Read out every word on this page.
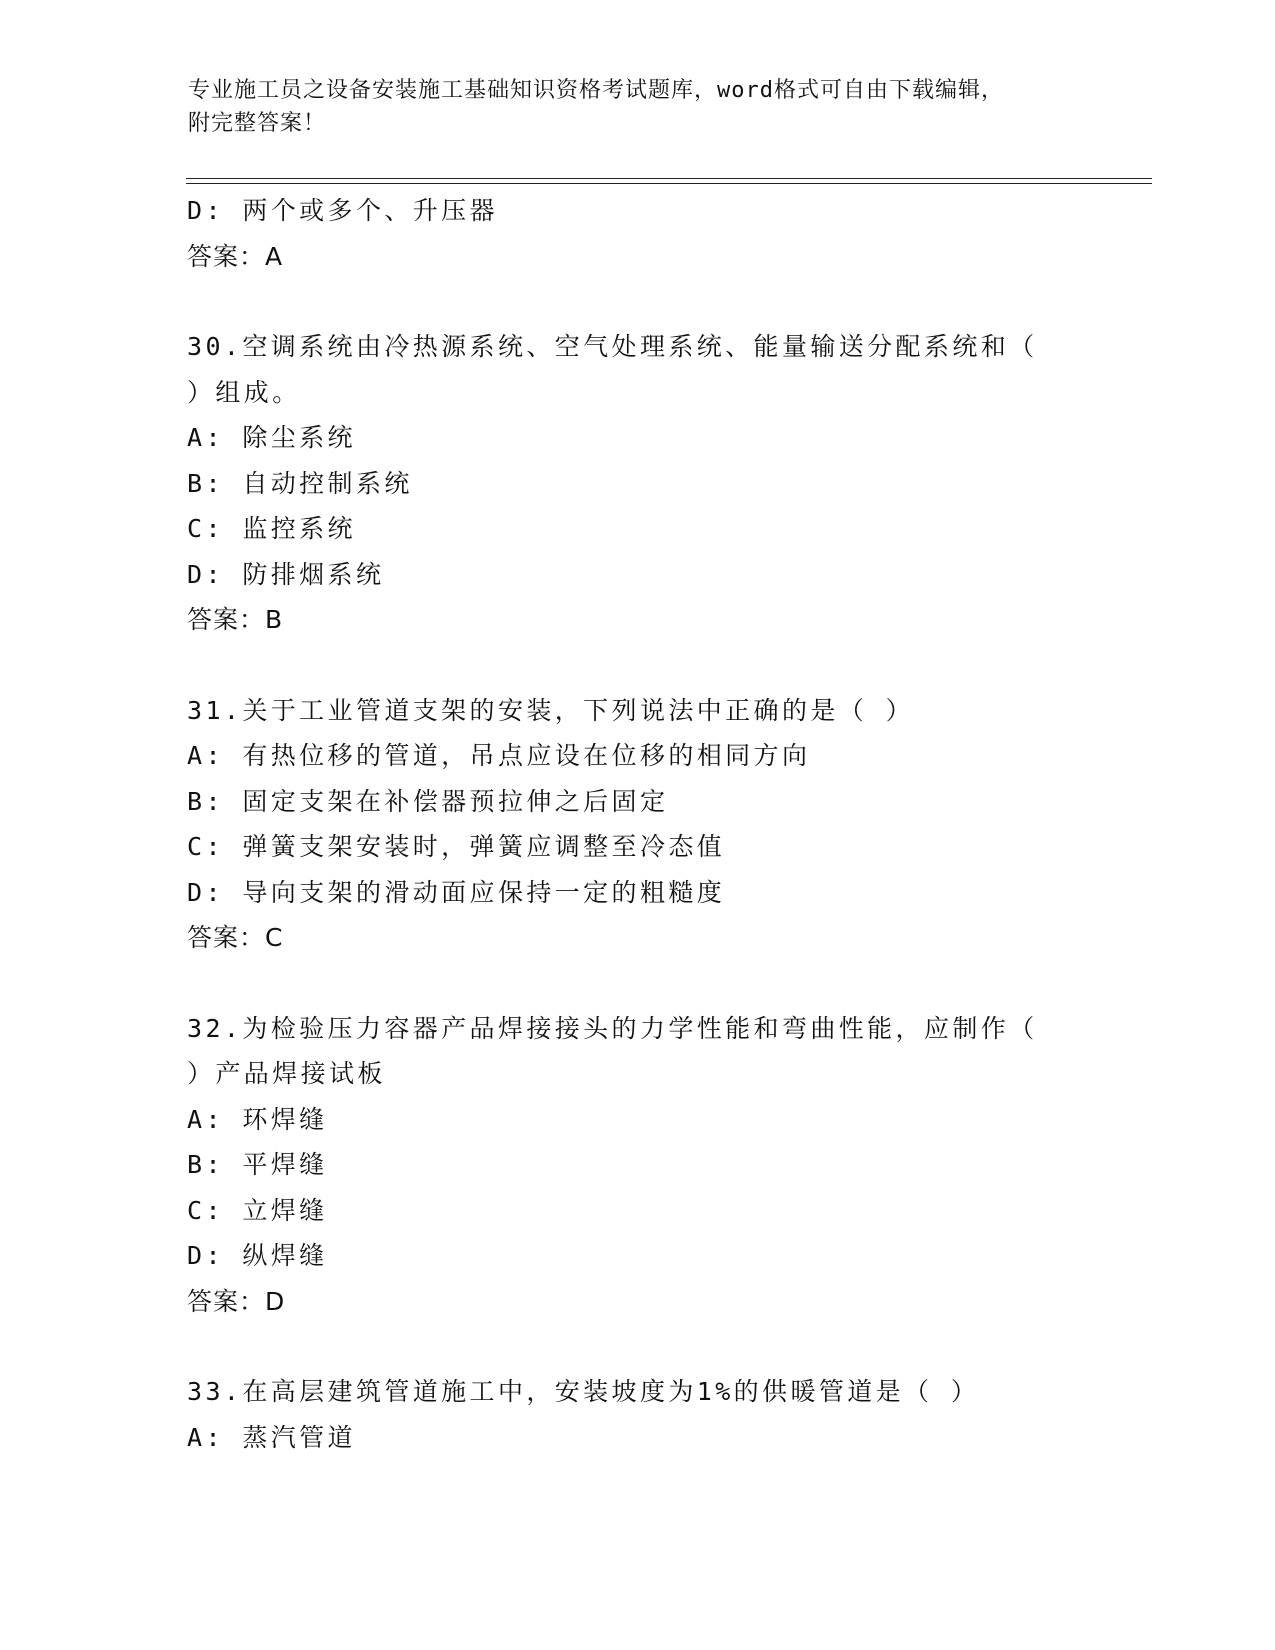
专业施工员之设备安装施工基础知识资格考试题库，word格式可自由下载编辑，
附完整答案！
D: 两个或多个、升压器
答案：A
30.空调系统由冷热源系统、空气处理系统、能量输送分配系统和（
）组成。
A: 除尘系统
B: 自动控制系统
C: 监控系统
D: 防排烟系统
答案：B
31.关于工业管道支架的安装，下列说法中正确的是（ ）
A: 有热位移的管道，吊点应设在位移的相同方向
B: 固定支架在补偿器预拉伸之后固定
C: 弹簧支架安装时，弹簧应调整至冷态值
D: 导向支架的滑动面应保持一定的粗糙度
答案：C
32.为检验压力容器产品焊接接头的力学性能和弯曲性能，应制作（
）产品焊接试板
A: 环焊缝
B: 平焊缝
C: 立焊缝
D: 纵焊缝
答案：D
33.在高层建筑管道施工中，安装坡度为1%的供暖管道是（ ）
A: 蒸汽管道
